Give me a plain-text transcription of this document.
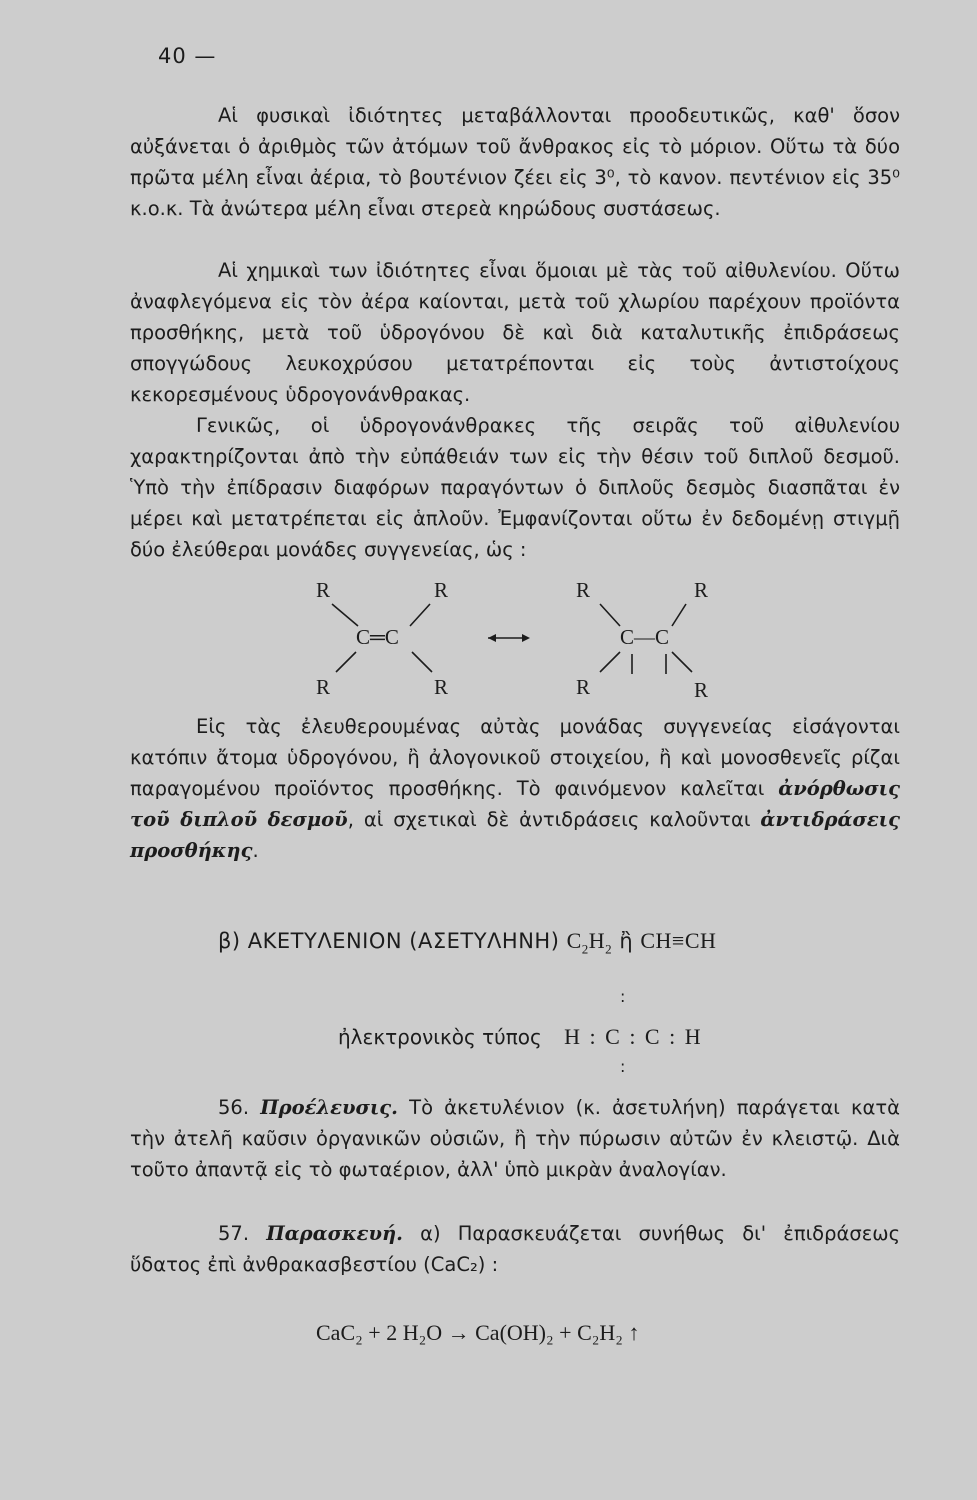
40 —

Αἱ φυσικαὶ ἰδιότητες μεταβάλλονται προοδευτικῶς, καθ' ὅσον αὐξάνεται ὁ ἀριθμὸς τῶν ἀτόμων τοῦ ἄνθρακος εἰς τὸ μόριον. Οὕτω τὰ δύο πρῶτα μέλη εἶναι ἀέρια, τὸ βουτένιον ζέει εἰς 3⁰, τὸ κανον. πεντένιον εἰς 35⁰ κ.ο.κ. Τὰ ἀνώτερα μέλη εἶναι στερεὰ κηρώδους συστάσεως.

Αἱ χημικαὶ των ἰδιότητες εἶναι ὅμοιαι μὲ τὰς τοῦ αἰθυλενίου. Οὕτω ἀναφλεγόμενα εἰς τὸν ἀέρα καίονται, μετὰ τοῦ χλωρίου παρέχουν προϊόντα προσθήκης, μετὰ τοῦ ὑδρογόνου δὲ καὶ διὰ καταλυτικῆς ἐπιδράσεως σπογγώδους λευκοχρύσου μετατρέπονται εἰς τοὺς ἀντιστοίχους κεκορεσμένους ὑδρογονάνθρακας.

Γενικῶς, οἱ ὑδρογονάνθρακες τῆς σειρᾶς τοῦ αἰθυλενίου χαρακτηρίζονται ἀπὸ τὴν εὐπάθειάν των εἰς τὴν θέσιν τοῦ διπλοῦ δεσμοῦ. Ὑπὸ τὴν ἐπίδρασιν διαφόρων παραγόντων ὁ διπλοῦς δεσμὸς διασπᾶται ἐν μέρει καὶ μετατρέπεται εἰς ἁπλοῦν. Ἐμφανίζονται οὕτω ἐν δεδομένῃ στιγμῇ δύο ἐλεύθεραι μονάδες συγγενείας, ὡς :

R	R
C═C
R	R
R	R
C—C
R	R

Εἰς τὰς ἐλευθερουμένας αὐτὰς μονάδας συγγενείας εἰσάγονται κατόπιν ἄτομα ὑδρογόνου, ἢ ἀλογονικοῦ στοιχείου, ἢ καὶ μονοσθενεῖς ρίζαι παραγομένου προϊόντος προσθήκης. Τὸ φαινόμενον καλεῖται ἀνόρθωσις τοῦ διπλοῦ δεσμοῦ, αἱ σχετικαὶ δὲ ἀντιδράσεις καλοῦνται ἀντιδράσεις προσθήκης.

β) ΑΚΕΤΥΛΕΝΙΟΝ (ΑΣΕΤΥΛΗΝΗ) $C_2H_2$ ἢ CH≡CH
:
ἠλεκτρονικὸς τύπος H : C : C : H
:

56. Προέλευσις. Τὸ ἀκετυλένιον (κ. ἀσετυλήνη) παράγεται κατὰ τὴν ἀτελῆ καῦσιν ὀργανικῶν οὐσιῶν, ἢ τὴν πύρωσιν αὐτῶν ἐν κλειστῷ. Διὰ τοῦτο ἀπαντᾷ εἰς τὸ φωταέριον, ἀλλ' ὑπὸ μικρὰν ἀναλογίαν.

57. Παρασκευή. α) Παρασκευάζεται συνήθως δι' ἐπιδράσεως ὕδατος ἐπὶ ἀνθρακασβεστίου (CaC₂) :

CaC₂ + 2 H₂O → Ca(OH)₂ + C₂H₂ ↑
